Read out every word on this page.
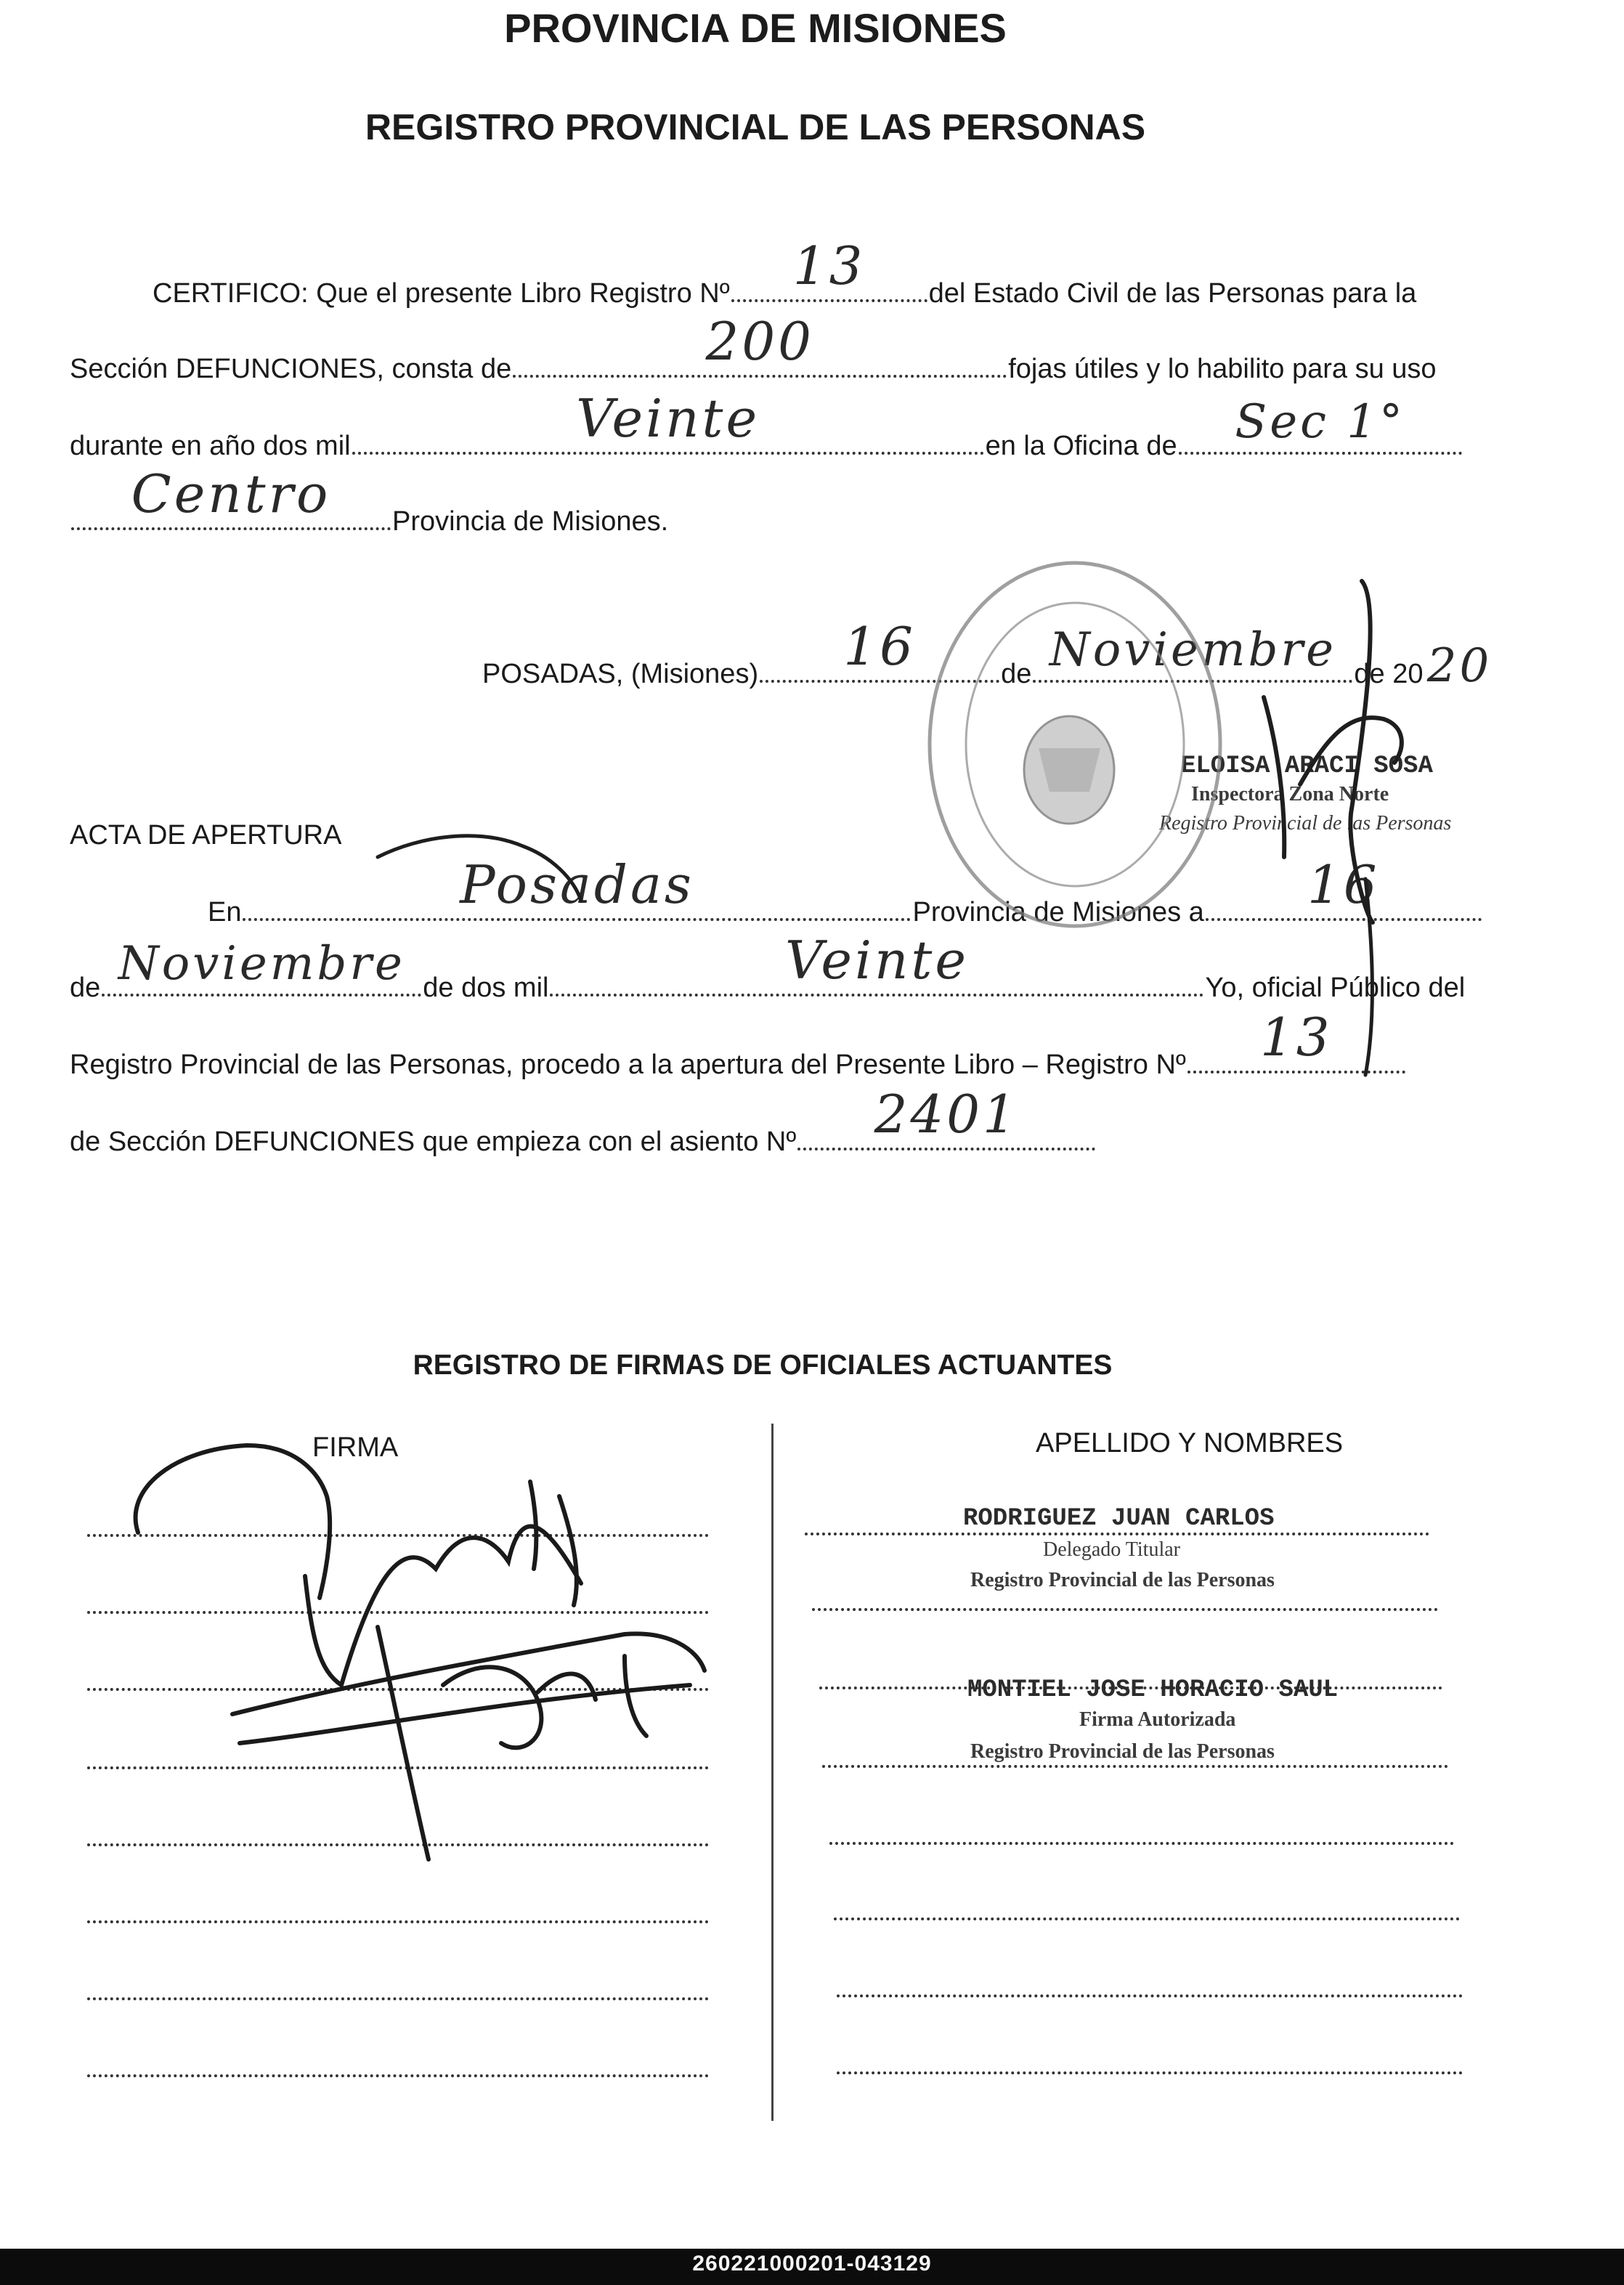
PROVINCIA DE MISIONES
REGISTRO PROVINCIAL DE LAS PERSONAS
CERTIFICO: Que el presente Libro Registro Nº	13	del Estado Civil de las Personas para la
Sección DEFUNCIONES, consta de	200	fojas útiles y lo habilito para su uso
durante en año dos mil	Veinte	en la Oficina de	Sec 1°
Centro	Provincia de Misiones.
POSADAS, (Misiones)	16	de Noviembre de 20 20
ACTA DE APERTURA
En	Posadas	Provincia de Misiones a	16
de Noviembre de dos mil	Veinte	Yo, oficial Público del
Registro Provincial de las Personas, procedo a la apertura del Presente Libro – Registro Nº	13
de Sección DEFUNCIONES que empieza con el asiento Nº	2401
ELOISA ARACI SOSA
Inspectora Zona Norte
Registro Provincial de las Personas
REGISTRO DE FIRMAS DE OFICIALES ACTUANTES
FIRMA	APELLIDO Y NOMBRES
RODRIGUEZ JUAN CARLOS
Delegado Titular
Registro Provincial de las Personas
MONTIEL JOSE HORACIO SAUL
Firma Autorizada
Registro Provincial de las Personas
260221000201-043129
